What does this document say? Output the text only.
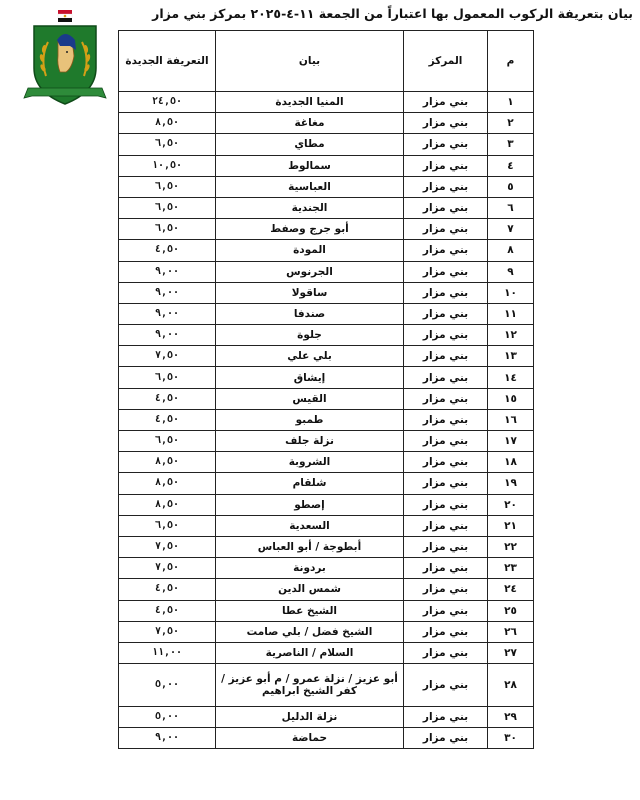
بيان بتعريفة الركوب المعمول بها اعتباراً من الجمعة ١١-٤-٢٠٢٥ بمركز بني مزار
م	المركز	بيان	التعريفة الجديدة
١	بني مزار	المنيا الجديدة	٢٤,٥٠
٢	بني مزار	مغاغة	٨,٥٠
٣	بني مزار	مطاي	٦,٥٠
٤	بني مزار	سمالوط	١٠,٥٠
٥	بني مزار	العباسية	٦,٥٠
٦	بني مزار	الجندية	٦,٥٠
٧	بني مزار	أبو جرج وصفط	٦,٥٠
٨	بني مزار	المودة	٤,٥٠
٩	بني مزار	الجرنوس	٩,٠٠
١٠	بني مزار	ساقولا	٩,٠٠
١١	بني مزار	صندفا	٩,٠٠
١٢	بني مزار	جلوة	٩,٠٠
١٣	بني مزار	بلي علي	٧,٥٠
١٤	بني مزار	إيشاق	٦,٥٠
١٥	بني مزار	القيس	٤,٥٠
١٦	بني مزار	طمبو	٤,٥٠
١٧	بني مزار	نزلة جلف	٦,٥٠
١٨	بني مزار	الشروبة	٨,٥٠
١٩	بني مزار	شلقام	٨,٥٠
٢٠	بني مزار	إصطو	٨,٥٠
٢١	بني مزار	السعدية	٦,٥٠
٢٢	بني مزار	أبطوجة / أبو العباس	٧,٥٠
٢٣	بني مزار	بردونة	٧,٥٠
٢٤	بني مزار	شمس الدين	٤,٥٠
٢٥	بني مزار	الشيخ عطا	٤,٥٠
٢٦	بني مزار	الشيخ فضل / بلي صامت	٧,٥٠
٢٧	بني مزار	السلام / الناصرية	١١,٠٠
٢٨	بني مزار	أبو عزيز / نزلة عمرو / م أبو عزيز / كفر الشيخ ابراهيم	٥,٠٠
٢٩	بني مزار	نزلة الدليل	٥,٠٠
٣٠	بني مزار	حماضة	٩,٠٠
